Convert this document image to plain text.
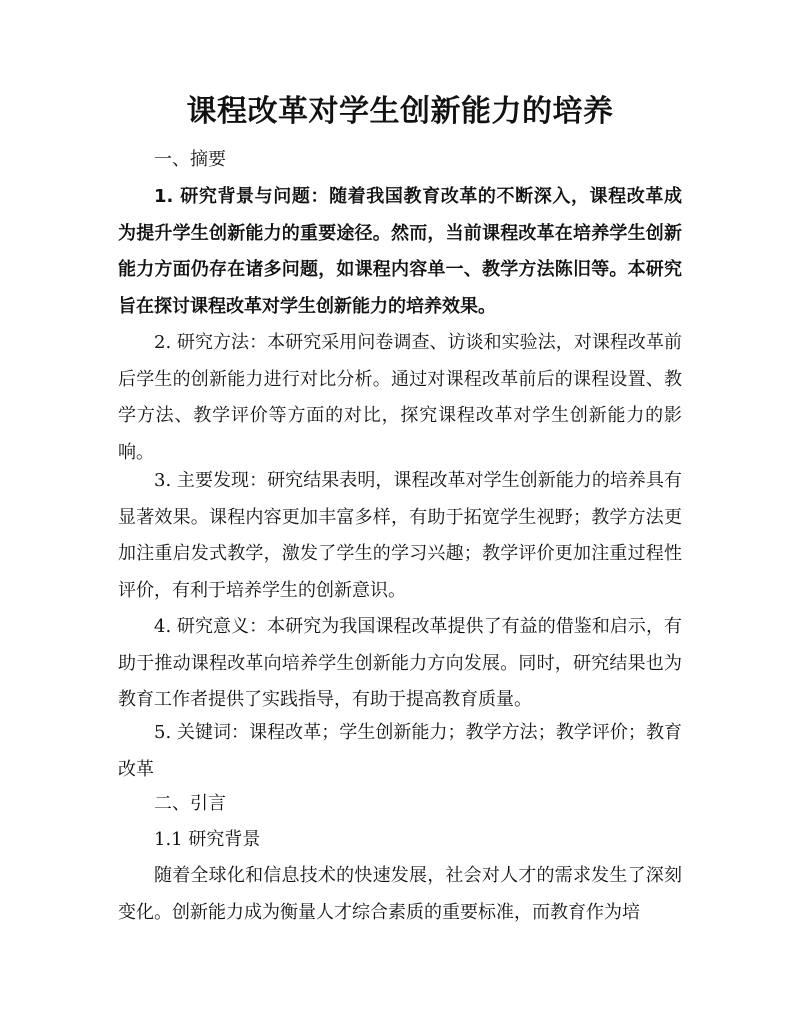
课程改革对学生创新能力的培养
一、摘要
1. 研究背景与问题：随着我国教育改革的不断深入，课程改革成为提升学生创新能力的重要途径。然而，当前课程改革在培养学生创新能力方面仍存在诸多问题，如课程内容单一、教学方法陈旧等。本研究旨在探讨课程改革对学生创新能力的培养效果。
2. 研究方法：本研究采用问卷调查、访谈和实验法，对课程改革前后学生的创新能力进行对比分析。通过对课程改革前后的课程设置、教学方法、教学评价等方面的对比，探究课程改革对学生创新能力的影响。
3. 主要发现：研究结果表明，课程改革对学生创新能力的培养具有显著效果。课程内容更加丰富多样，有助于拓宽学生视野；教学方法更加注重启发式教学，激发了学生的学习兴趣；教学评价更加注重过程性评价，有利于培养学生的创新意识。
4. 研究意义：本研究为我国课程改革提供了有益的借鉴和启示，有助于推动课程改革向培养学生创新能力方向发展。同时，研究结果也为教育工作者提供了实践指导，有助于提高教育质量。
5. 关键词：课程改革；学生创新能力；教学方法；教学评价；教育改革
二、引言
1.1 研究背景
随着全球化和信息技术的快速发展，社会对人才的需求发生了深刻变化。创新能力成为衡量人才综合素质的重要标准，而教育作为培
